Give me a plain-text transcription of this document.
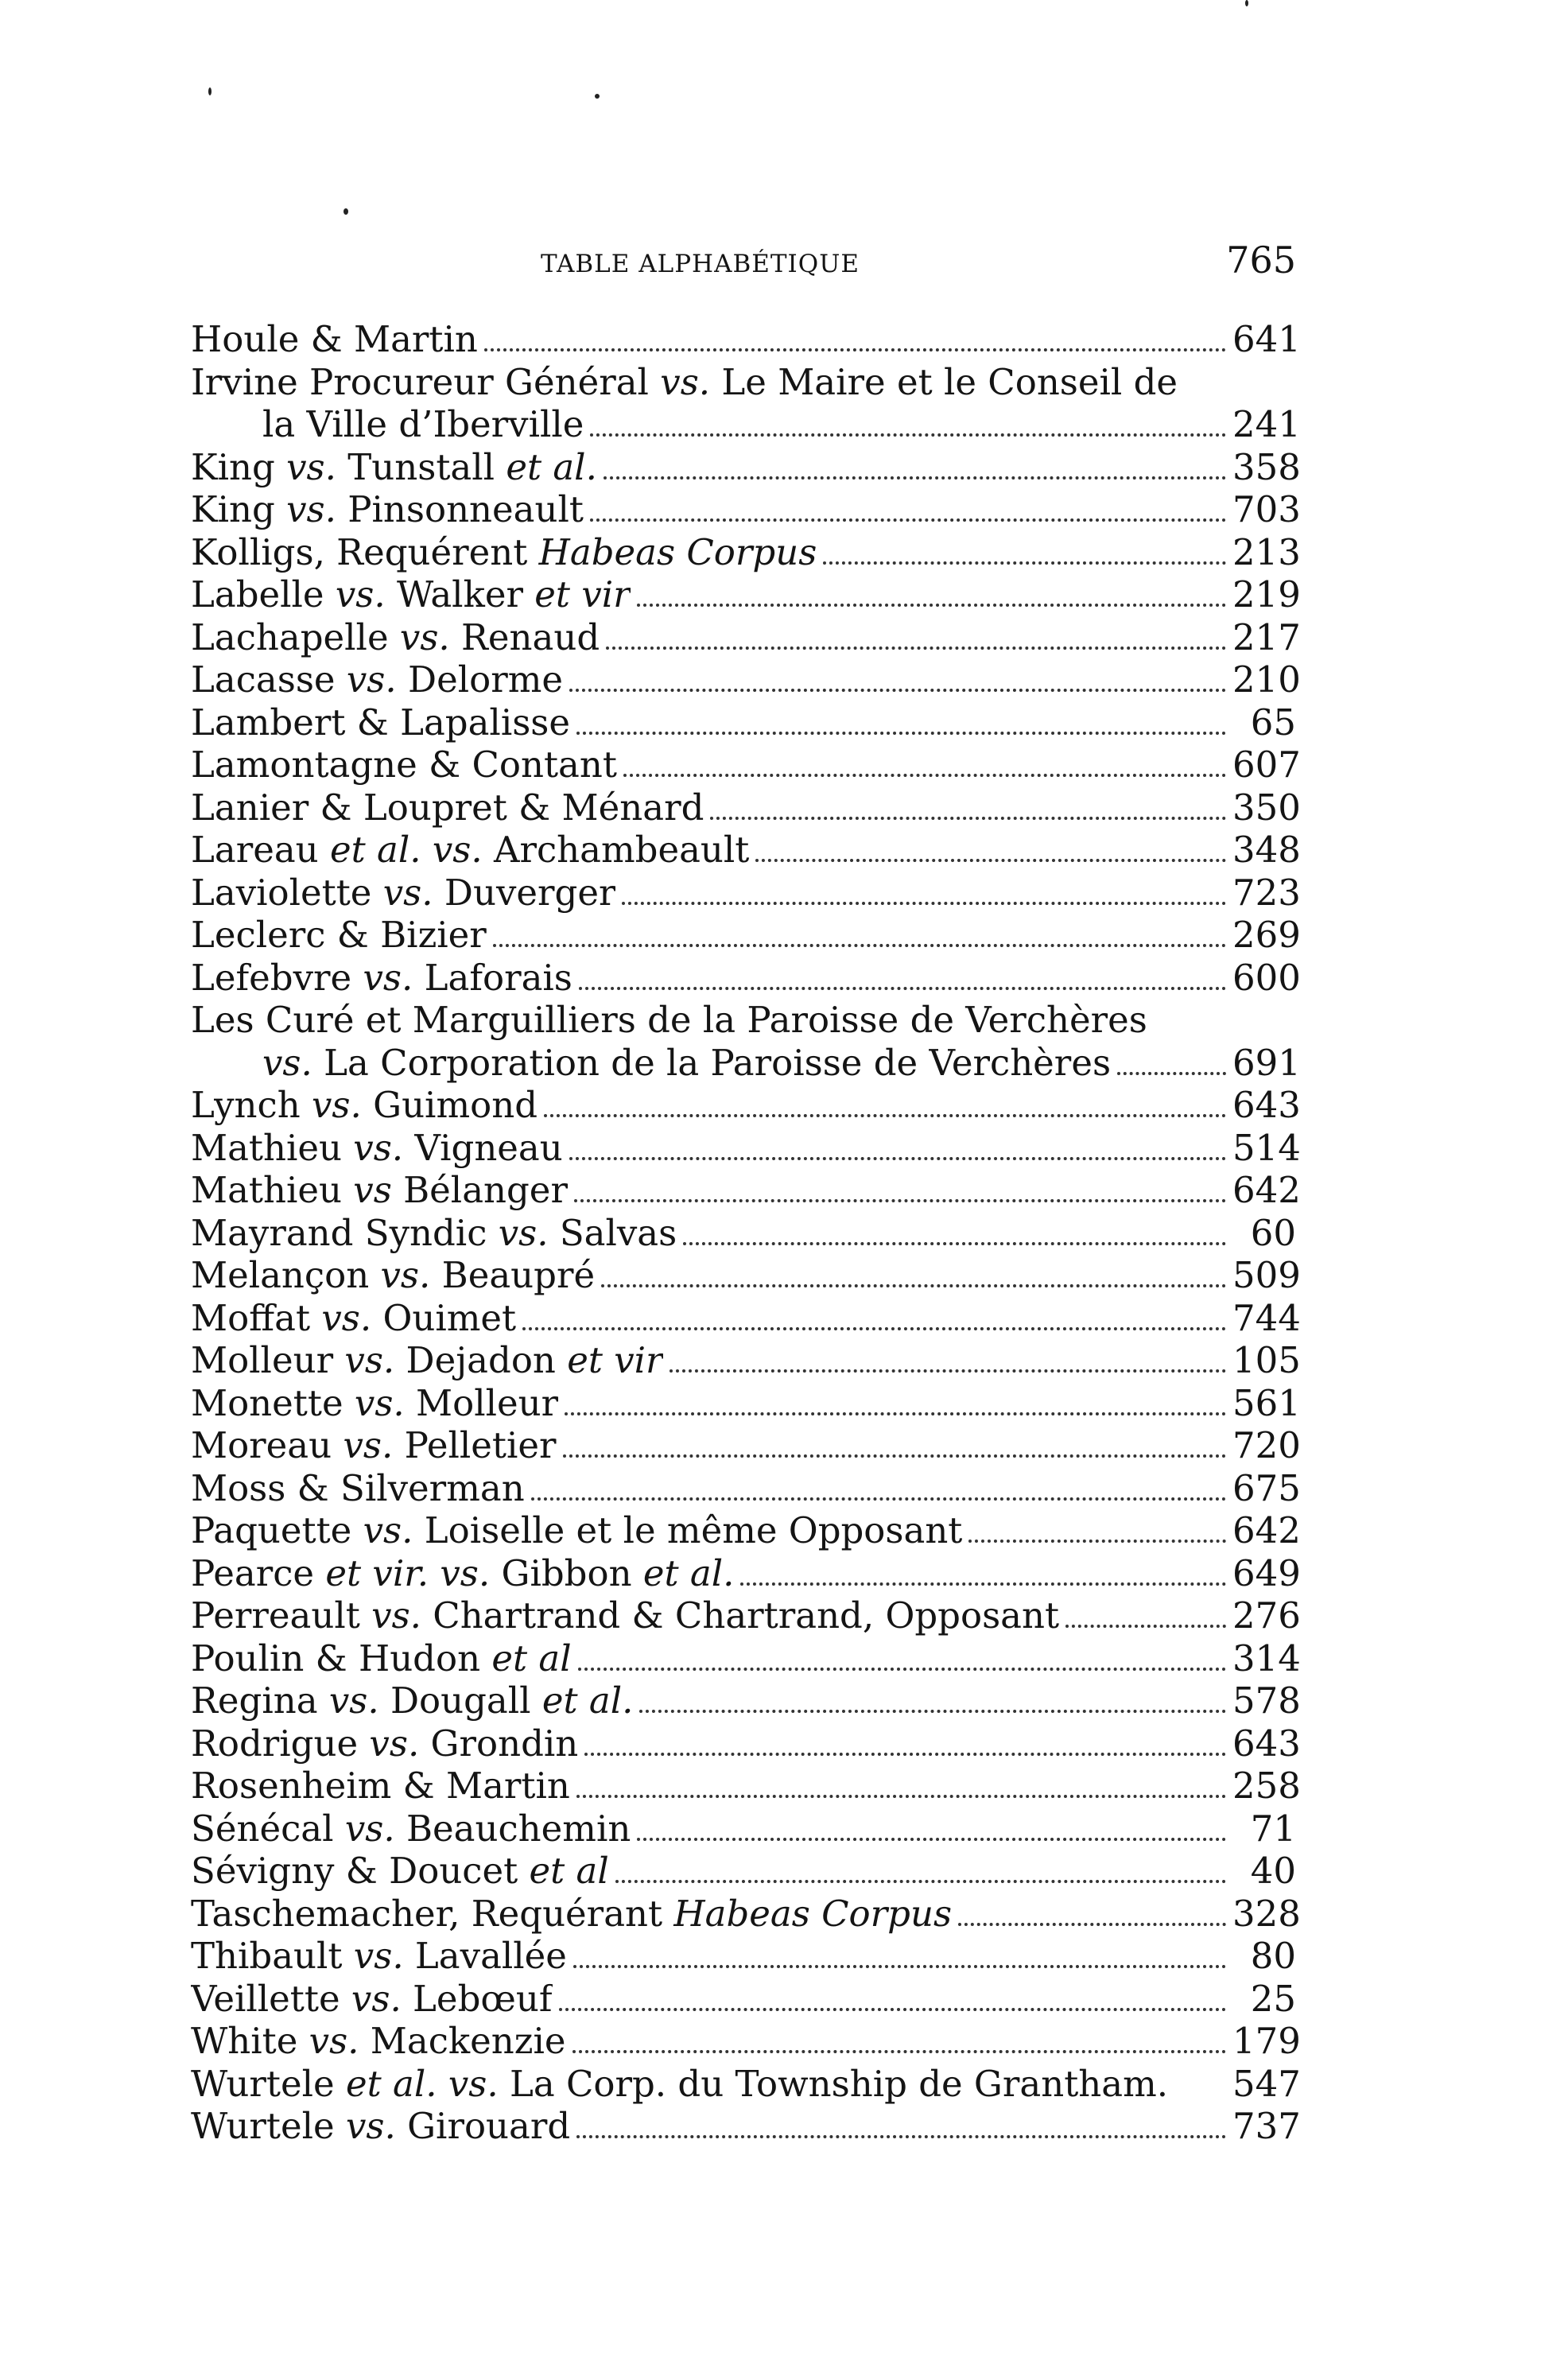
TABLE ALPHABÉTIQUE	765
Houle & Martin	641
Irvine Procureur Général vs. Le Maire et le Conseil de
la Ville d’Iberville	241
King vs. Tunstall et al.	358
King vs. Pinsonneault	703
Kolligs, Requérent Habeas Corpus	213
Labelle vs. Walker et vir	219
Lachapelle vs. Renaud	217
Lacasse vs. Delorme	210
Lambert & Lapalisse	65
Lamontagne & Contant	607
Lanier & Loupret & Ménard	350
Lareau et al. vs. Archambeault	348
Laviolette vs. Duverger	723
Leclerc & Bizier	269
Lefebvre vs. Laforais	600
Les Curé et Marguilliers de la Paroisse de Verchères
vs. La Corporation de la Paroisse de Verchères	691
Lynch vs. Guimond	643
Mathieu vs. Vigneau	514
Mathieu vs Bélanger	642
Mayrand Syndic vs. Salvas	60
Melançon vs. Beaupré	509
Moffat vs. Ouimet	744
Molleur vs. Dejadon et vir	105
Monette vs. Molleur	561
Moreau vs. Pelletier	720
Moss & Silverman	675
Paquette vs. Loiselle et le même Opposant	642
Pearce et vir. vs. Gibbon et al.	649
Perreault vs. Chartrand & Chartrand, Opposant	276
Poulin & Hudon et al	314
Regina vs. Dougall et al.	578
Rodrigue vs. Grondin	643
Rosenheim & Martin	258
Sénécal vs. Beauchemin	71
Sévigny & Doucet et al	40
Taschemacher, Requérant Habeas Corpus	328
Thibault vs. Lavallée	80
Veillette vs. Lebœuf	25
White vs. Mackenzie	179
Wurtele et al. vs. La Corp. du Township de Grantham. 547
Wurtele vs. Girouard	737
